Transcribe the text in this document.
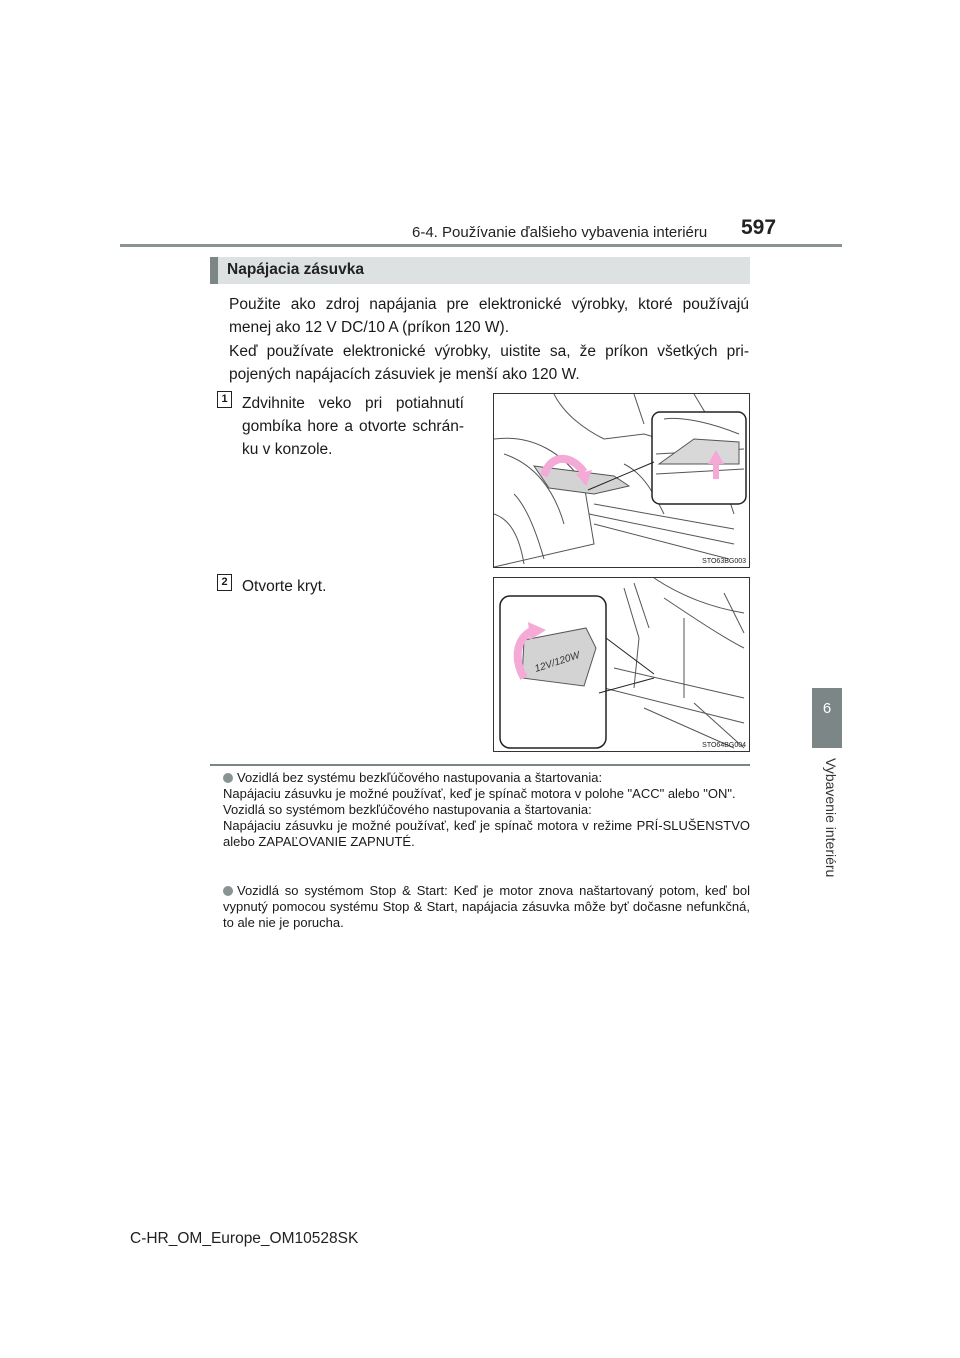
6-4. Používanie ďalšieho vybavenia interiéru 597
6
Vybavenie interiéru
Napájacia zásuvka
Použite ako zdroj napájania pre elektronické výrobky, ktoré používajú menej ako 12 V DC/10 A (príkon 120 W).
Keď používate elektronické výrobky, uistite sa, že príkon všetkých pri-pojených napájacích zásuviek je menší ako 120 W.
1 Zdvihnite veko pri potiahnutí gombíka hore a otvorte schrán-ku v konzole.
STO63BG003
2 Otvorte kryt.
12V/120W
STO64BG004

Vozidlá bez systému bezkľúčového nastupovania a štartovania:

Napájaciu zásuvku je možné používať, keď je spínač motora v polohe "ACC" alebo "ON".

Vozidlá so systémom bezkľúčového nastupovania a štartovania:

Napájaciu zásuvku je možné používať, keď je spínač motora v režime PRÍ-SLUŠENSTVO alebo ZAPAĽOVANIE ZAPNUTÉ.

Vozidlá so systémom Stop & Start: Keď je motor znova naštartovaný potom, keď bol vypnutý pomocou systému Stop & Start, napájacia zásuvka môže byť dočasne nefunkčná, to ale nie je porucha.

C-HR_OM_Europe_OM10528SK
